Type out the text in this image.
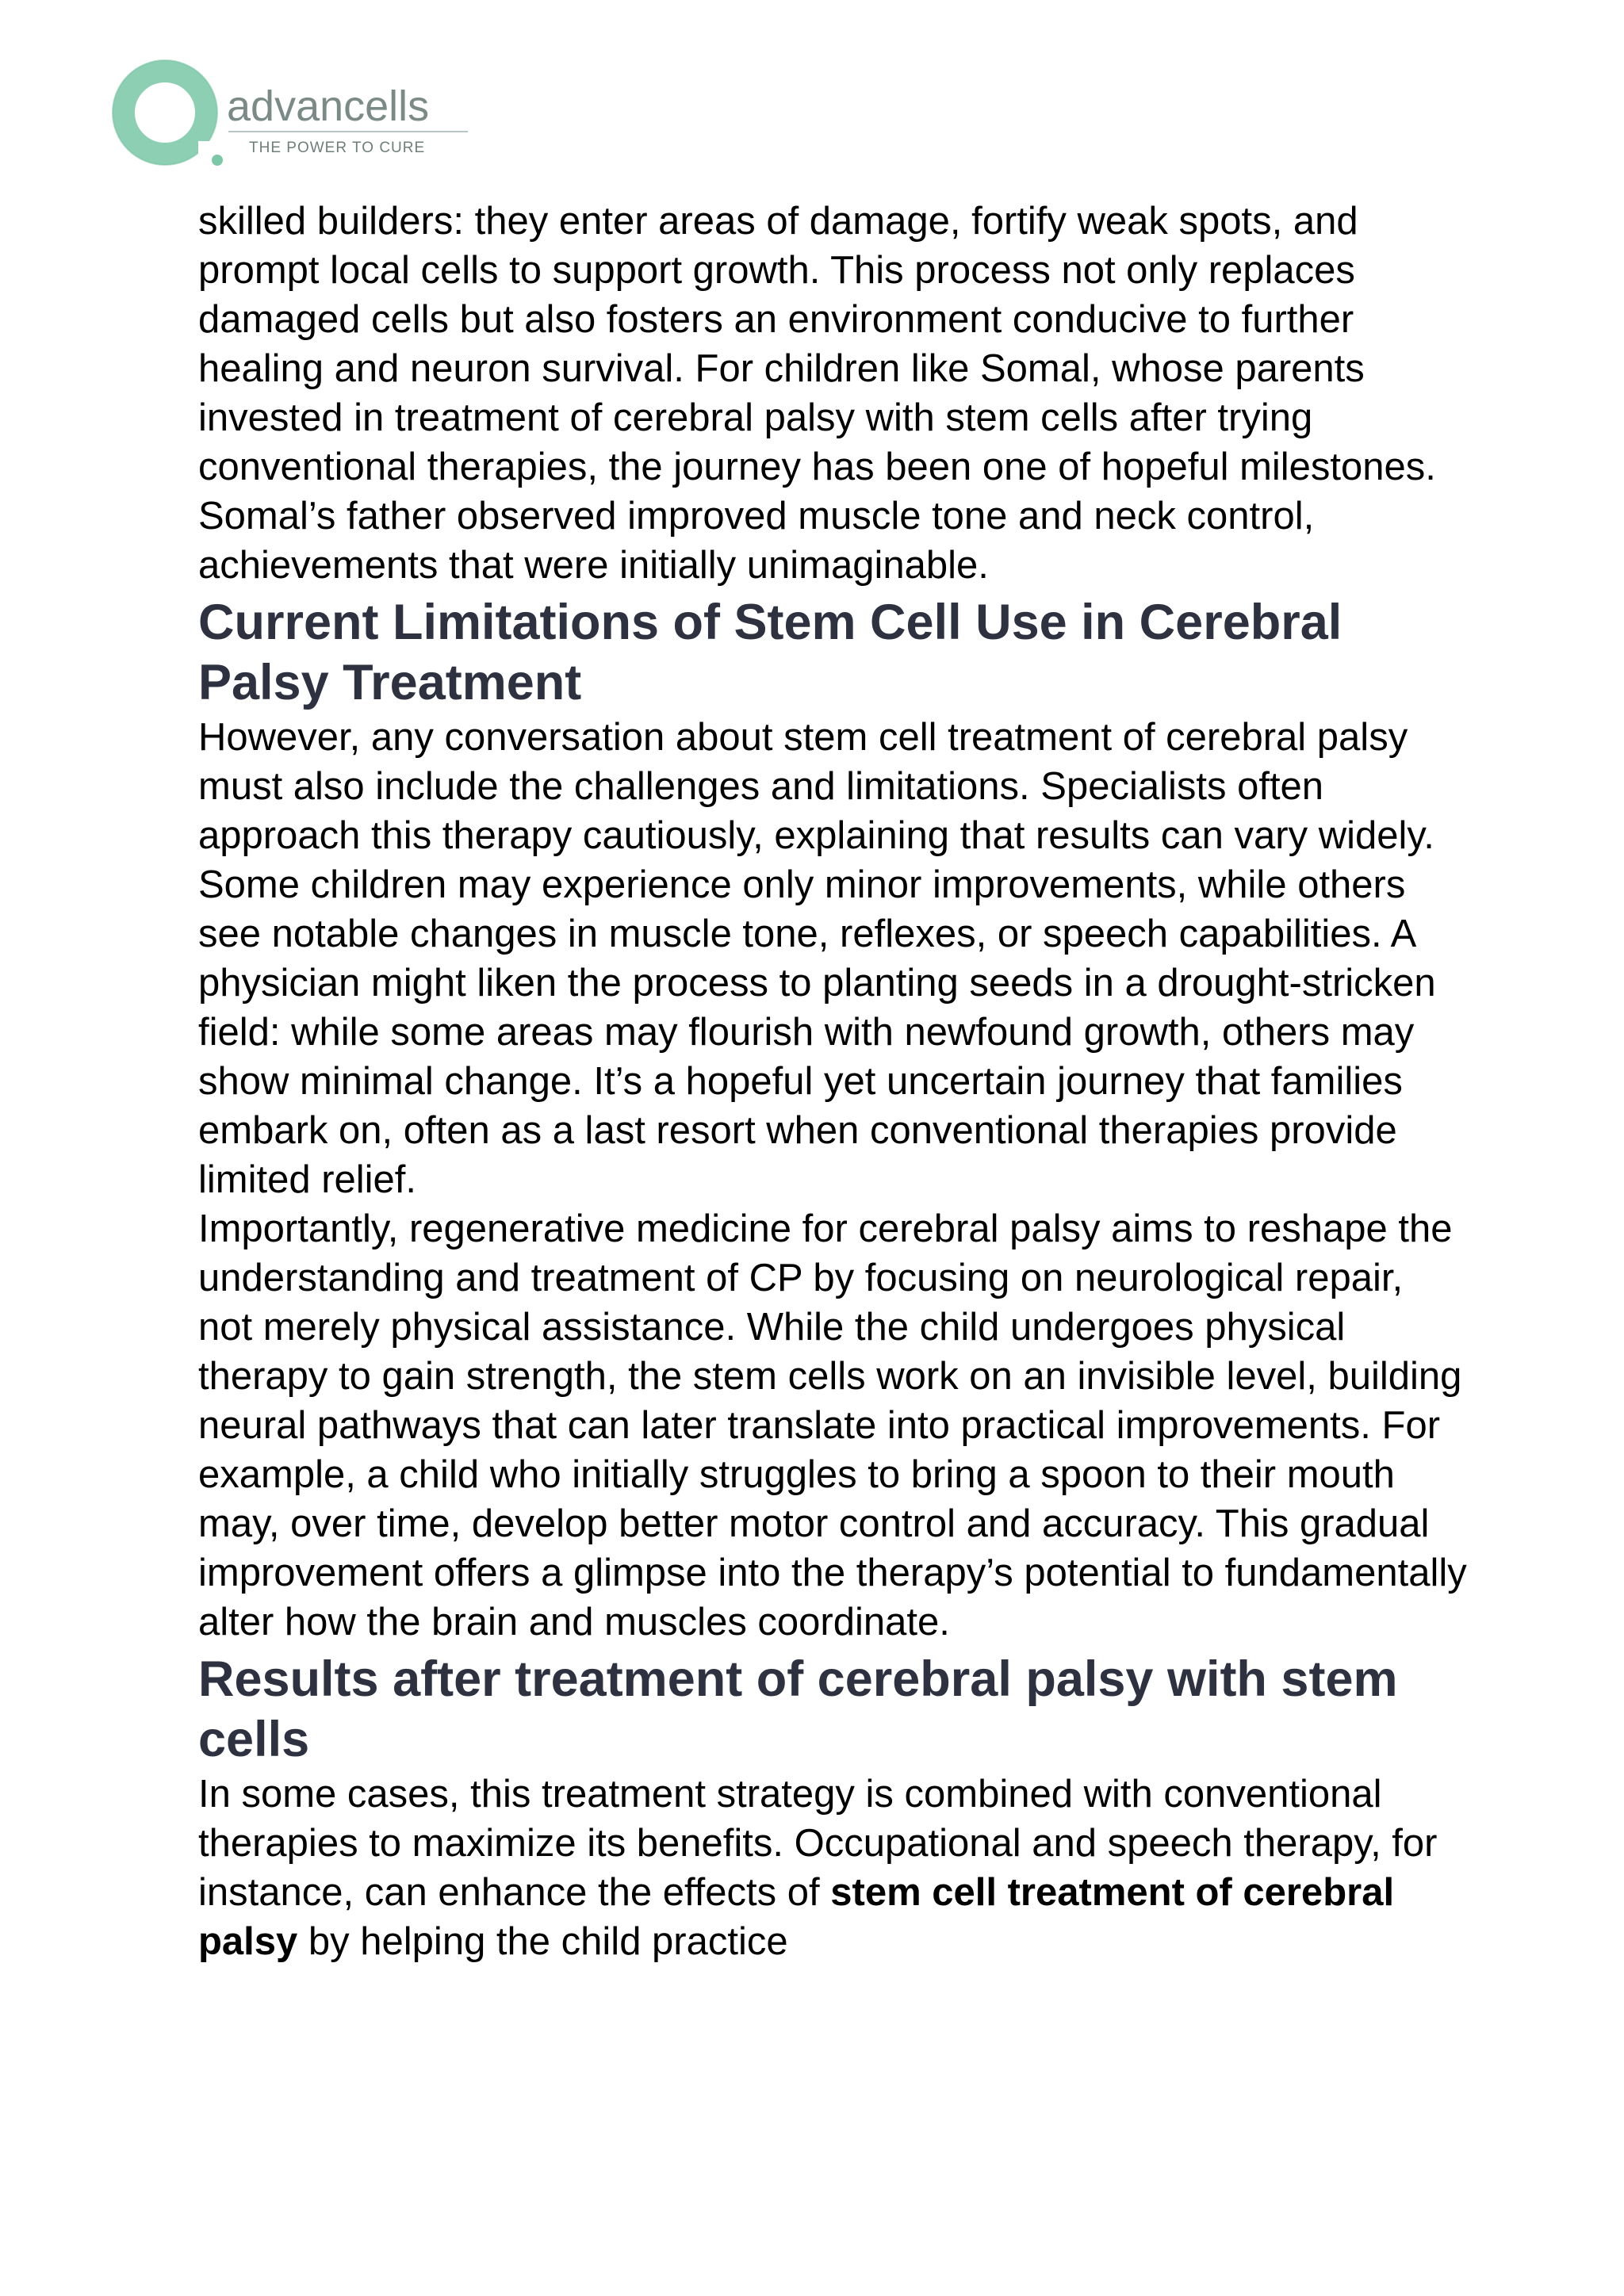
advancells
THE POWER TO CURE

skilled builders: they enter areas of damage, fortify weak spots, and prompt local cells to support growth. This process not only replaces damaged cells but also fosters an environment conducive to further healing and neuron survival. For children like Somal, whose parents invested in treatment of cerebral palsy with stem cells after trying conventional therapies, the journey has been one of hopeful milestones. Somal’s father observed improved muscle tone and neck control, achievements that were initially unimaginable.

Current Limitations of Stem Cell Use in Cerebral Palsy Treatment

However, any conversation about stem cell treatment of cerebral palsy must also include the challenges and limitations. Specialists often approach this therapy cautiously, explaining that results can vary widely. Some children may experience only minor improvements, while others see notable changes in muscle tone, reflexes, or speech capabilities. A physician might liken the process to planting seeds in a drought-stricken field: while some areas may flourish with newfound growth, others may show minimal change. It’s a hopeful yet uncertain journey that families embark on, often as a last resort when conventional therapies provide limited relief.

Importantly, regenerative medicine for cerebral palsy aims to reshape the understanding and treatment of CP by focusing on neurological repair, not merely physical assistance. While the child undergoes physical therapy to gain strength, the stem cells work on an invisible level, building neural pathways that can later translate into practical improvements. For example, a child who initially struggles to bring a spoon to their mouth may, over time, develop better motor control and accuracy. This gradual improvement offers a glimpse into the therapy’s potential to fundamentally alter how the brain and muscles coordinate.

Results after treatment of cerebral palsy with stem cells

In some cases, this treatment strategy is combined with conventional therapies to maximize its benefits. Occupational and speech therapy, for instance, can enhance the effects of stem cell treatment of cerebral palsy by helping the child practice
